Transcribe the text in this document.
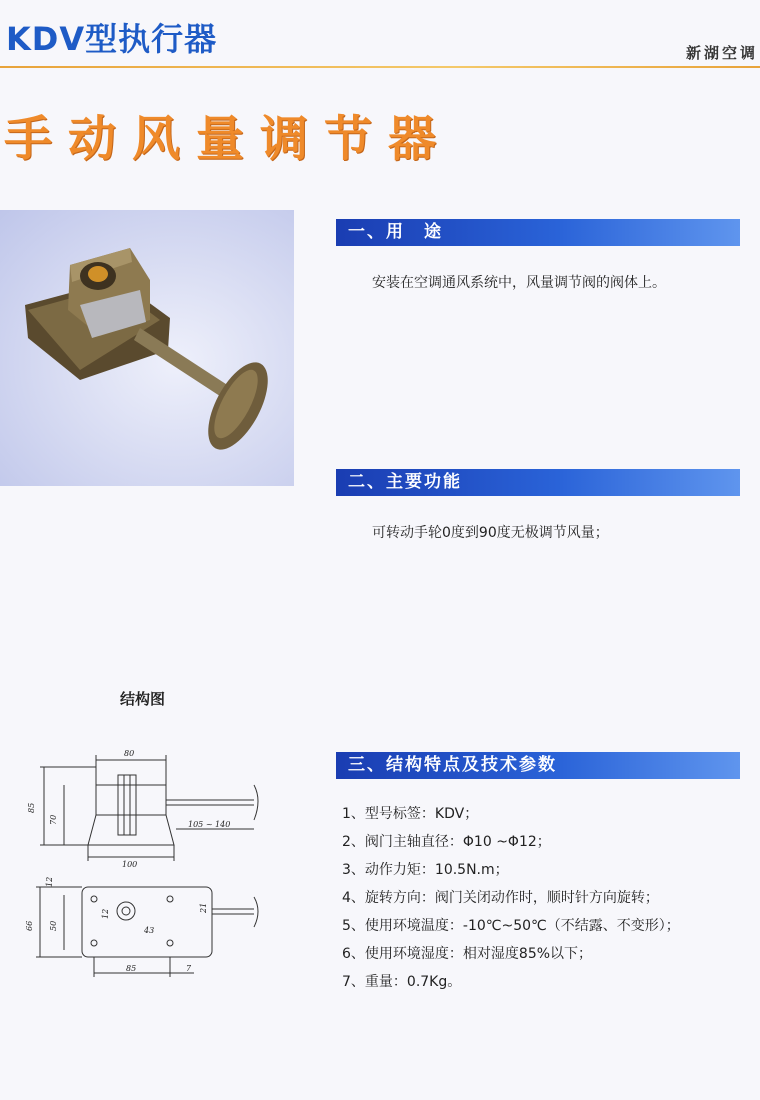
KDV型执行器	新湖空调
手动风量调节器
一、用　途
安装在空调通风系统中，风量调节阀的阀体上。
二、主要功能
可转动手轮0度到90度无极调节风量；
结构图
80
85
70	105 ~ 140
100
12
66 50
12
21
43
85	7
三、结构特点及技术参数
1、型号标签：KDV；
2、阀门主轴直径：Φ10 ~Φ12；
3、动作力矩：10.5N.m；
4、旋转方向：阀门关闭动作时，顺时针方向旋转；
5、使用环境温度：-10℃~50℃（不结露、不变形）；
6、使用环境湿度：相对湿度85%以下；
7、重量：0.7Kg。
